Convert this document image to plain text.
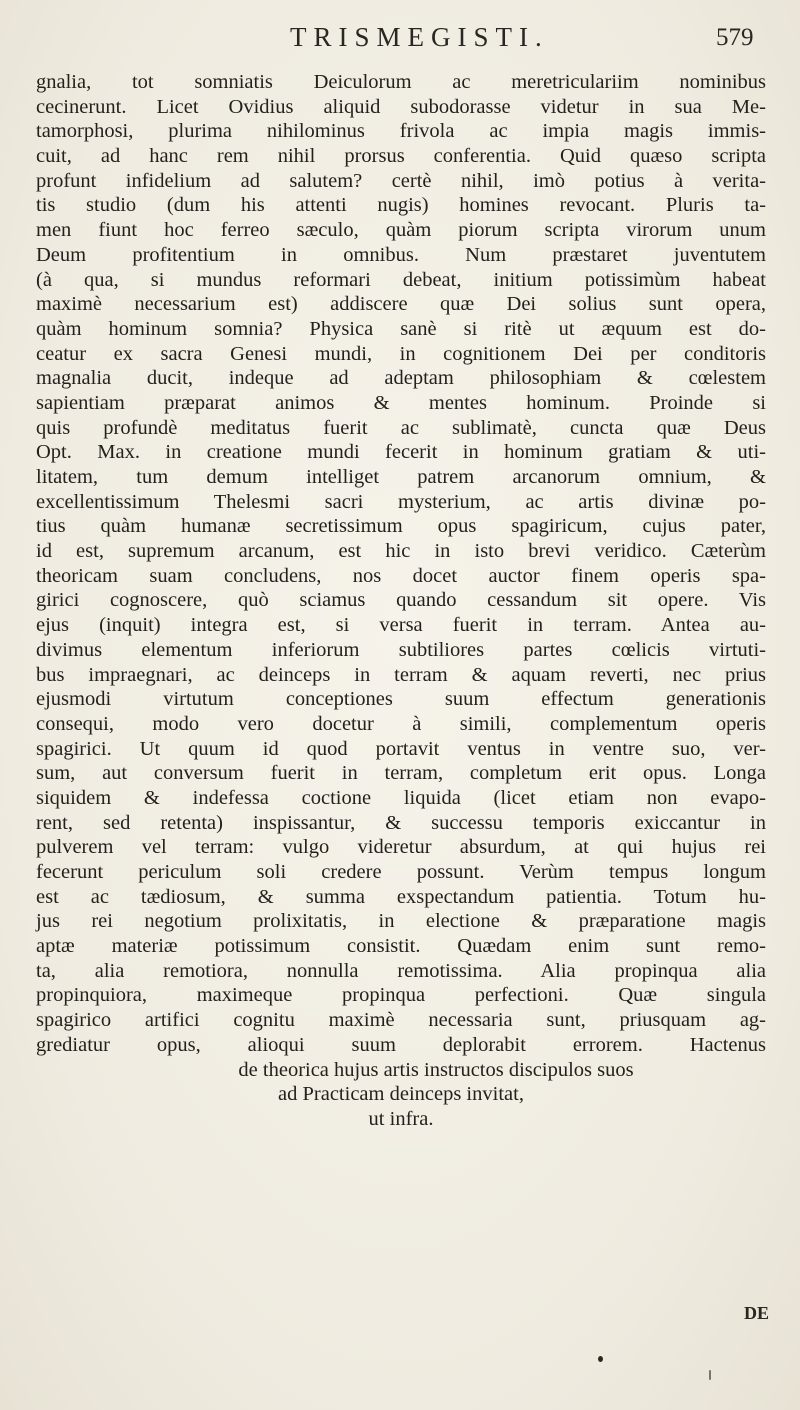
TRISMEGISTI.	579
gnalia, tot somniatis Deiculorum ac meretriculariim nominibus
cecinerunt. Licet Ovidius aliquid subodorasse videtur in sua Me-
tamorphosi, plurima nihilominus frivola ac impia magis immis-
cuit, ad hanc rem nihil prorsus conferentia. Quid quæso scripta
profunt infidelium ad salutem? certè nihil, imò potius à verita-
tis studio (dum his attenti nugis) homines revocant. Pluris ta-
men fiunt hoc ferreo sæculo, quàm piorum scripta virorum unum
Deum profitentium in omnibus. Num præstaret juventutem
(à qua, si mundus reformari debeat, initium potissimùm habeat
maximè necessarium est) addiscere quæ Dei solius sunt opera,
quàm hominum somnia? Physica sanè si ritè ut æquum est do-
ceatur ex sacra Genesi mundi, in cognitionem Dei per conditoris
magnalia ducit, indeque ad adeptam philosophiam & cœlestem
sapientiam præparat animos & mentes hominum. Proinde si
quis profundè meditatus fuerit ac sublimatè, cuncta quæ Deus
Opt. Max. in creatione mundi fecerit in hominum gratiam & uti-
litatem, tum demum intelliget patrem arcanorum omnium, &
excellentissimum Thelesmi sacri mysterium, ac artis divinæ po-
tius quàm humanæ secretissimum opus spagiricum, cujus pater,
id est, supremum arcanum, est hic in isto brevi veridico. Cæterùm
theoricam suam concludens, nos docet auctor finem operis spa-
girici cognoscere, quò sciamus quando cessandum sit opere. Vis
ejus (inquit) integra est, si versa fuerit in terram. Antea au-
divimus elementum inferiorum subtiliores partes cœlicis virtuti-
bus impraegnari, ac deinceps in terram & aquam reverti, nec prius
ejusmodi virtutum conceptiones suum effectum generationis
consequi, modo vero docetur à simili, complementum operis
spagirici. Ut quum id quod portavit ventus in ventre suo, ver-
sum, aut conversum fuerit in terram, completum erit opus. Longa
siquidem & indefessa coctione liquida (licet etiam non evapo-
rent, sed retenta) inspissantur, & successu temporis exiccantur in
pulverem vel terram: vulgo videretur absurdum, at qui hujus rei
fecerunt periculum soli credere possunt. Verùm tempus longum
est ac tædiosum, & summa exspectandum patientia. Totum hu-
jus rei negotium prolixitatis, in electione & præparatione magis
aptæ materiæ potissimum consistit. Quædam enim sunt remo-
ta, alia remotiora, nonnulla remotissima. Alia propinqua alia
propinquiora, maximeque propinqua perfectioni. Quæ singula
spagirico artifici cognitu maximè necessaria sunt, priusquam ag-
grediatur opus, alioqui suum deplorabit errorem. Hactenus
de theorica hujus artis instructos discipulos suos
ad Practicam deinceps invitat,
ut infra.
DE
